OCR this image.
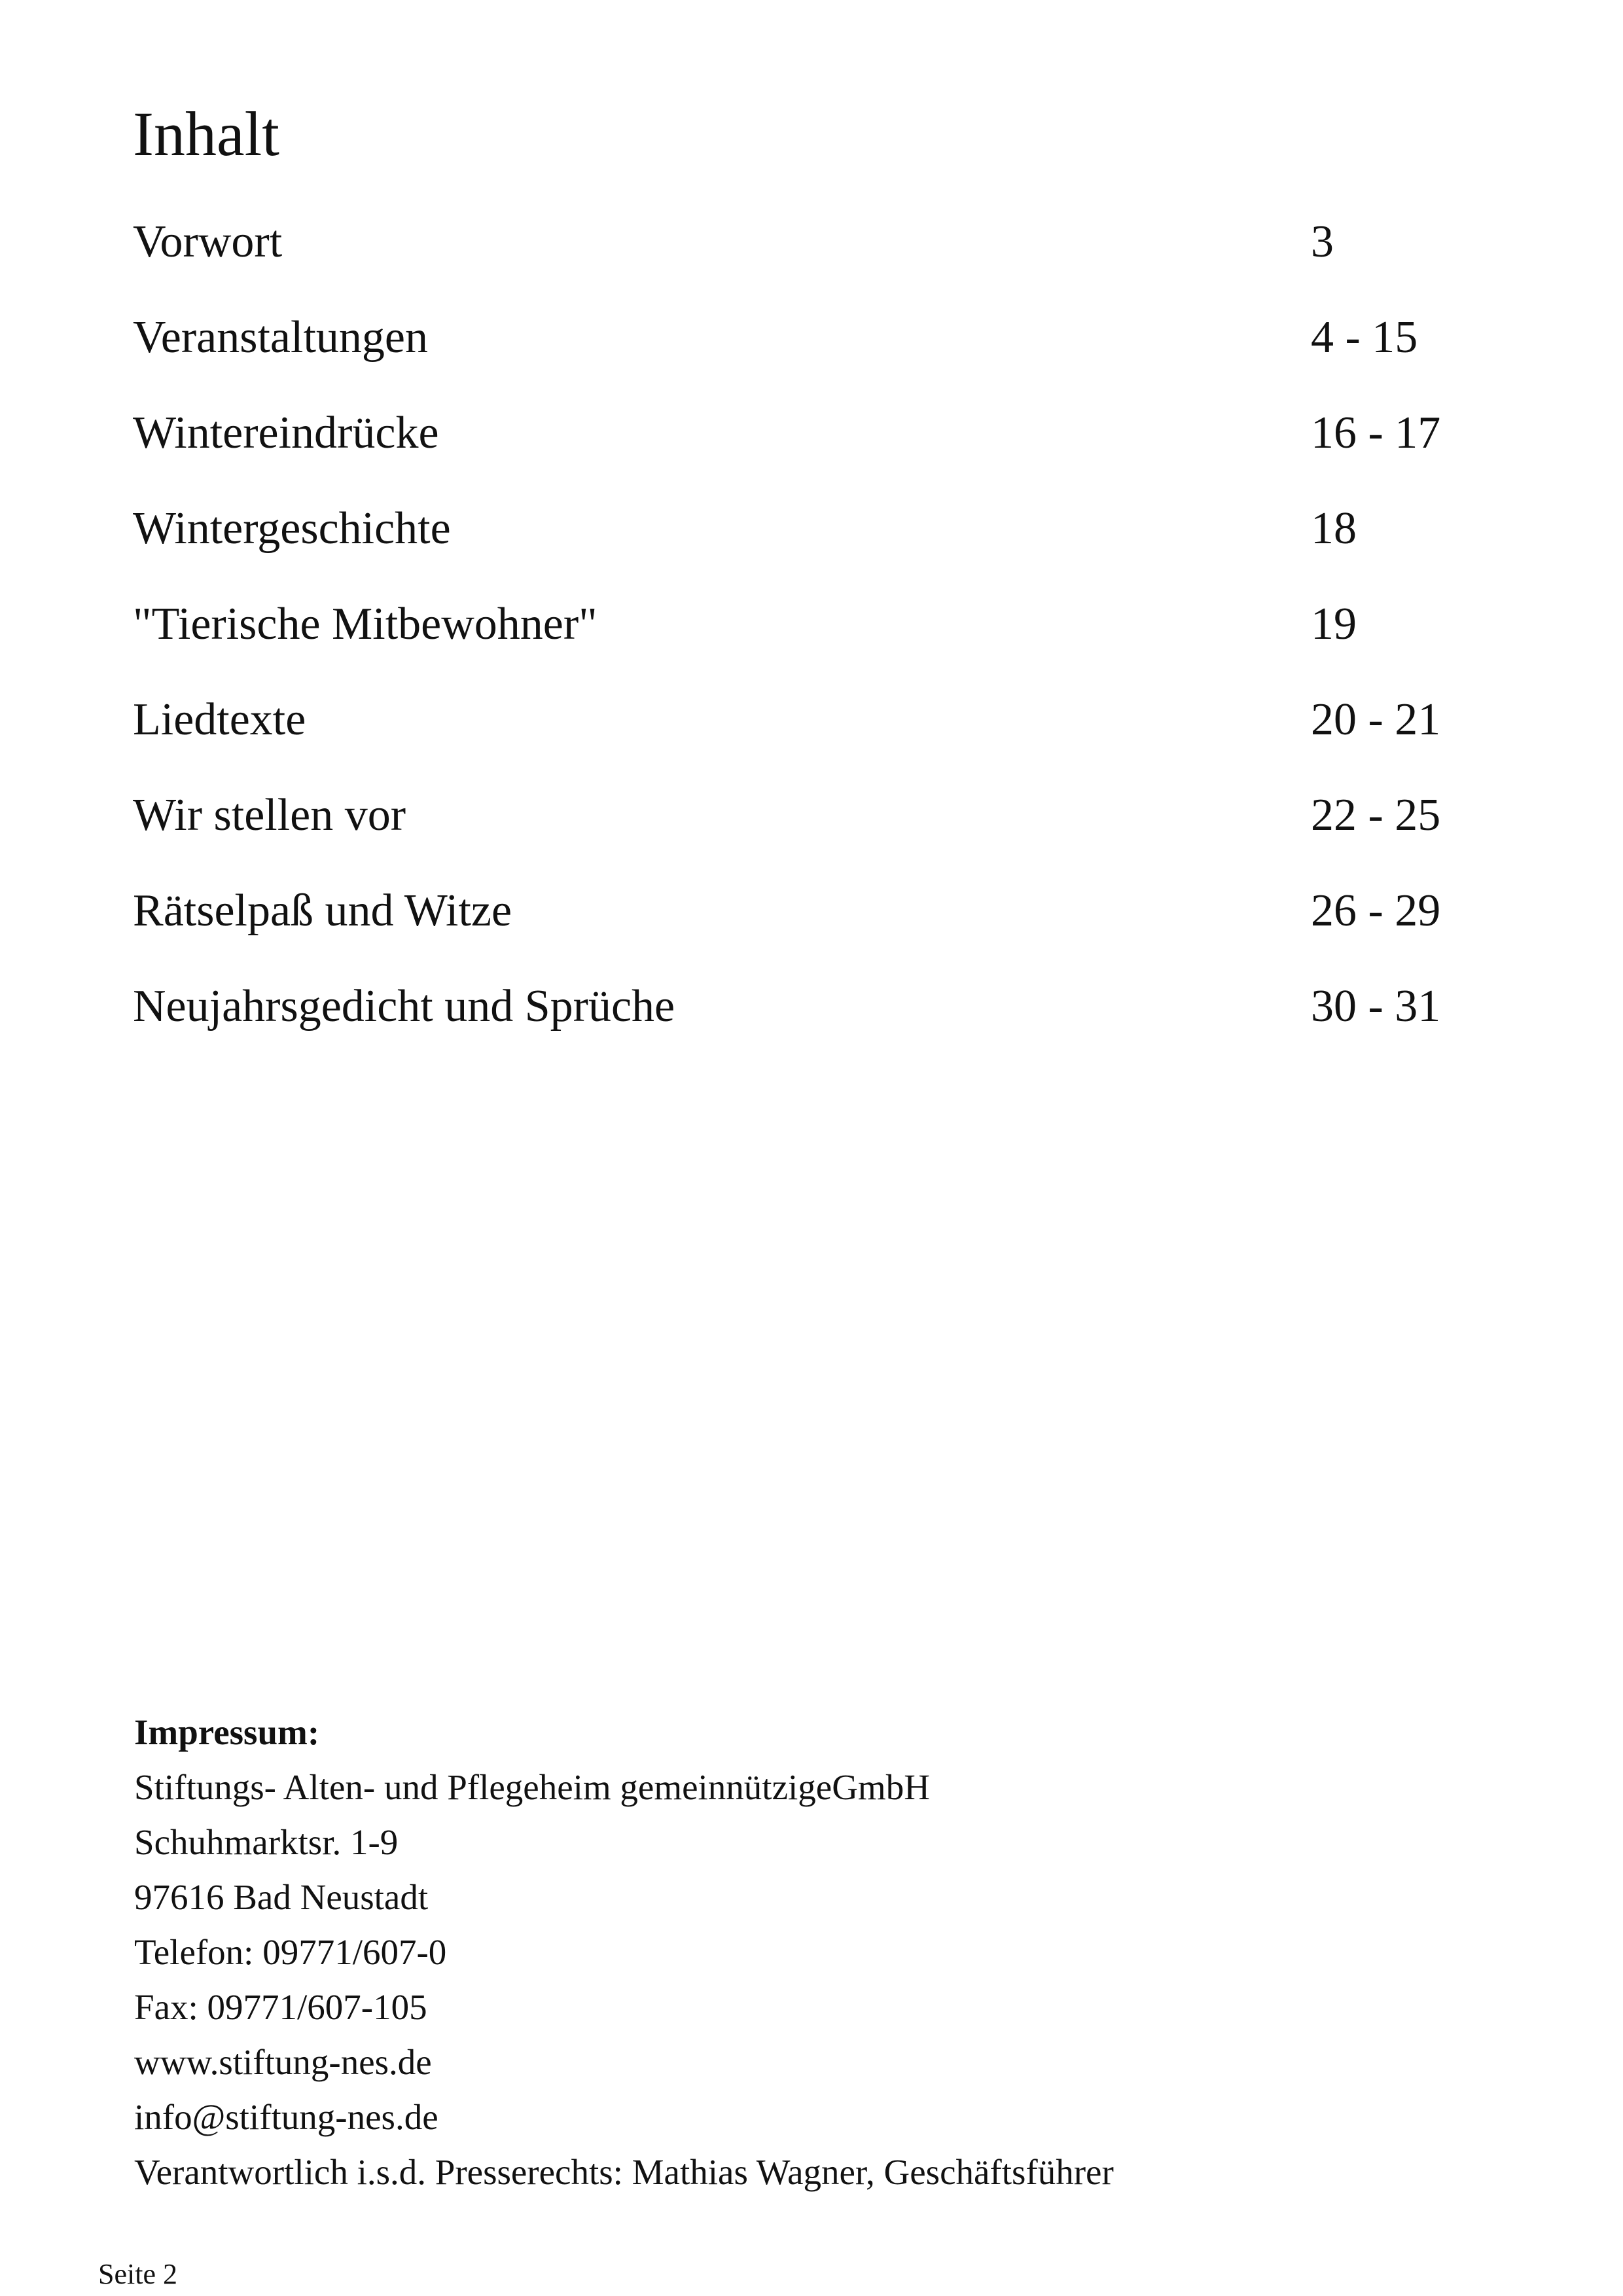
Inhalt
Vorwort	3
Veranstaltungen	4 - 15
Wintereindrücke	16 - 17
Wintergeschichte	18
"Tierische Mitbewohner"	19
Liedtexte	20 - 21
Wir stellen vor	22 - 25
Rätselpaß und Witze	26 - 29
Neujahrsgedicht und Sprüche	30 - 31
Impressum:
Stiftungs- Alten- und Pflegeheim gemeinnützigeGmbH
Schuhmarktsr. 1-9
97616 Bad Neustadt
Telefon: 09771/607-0
Fax: 09771/607-105
www.stiftung-nes.de
info@stiftung-nes.de
Verantwortlich i.s.d. Presserechts: Mathias Wagner, Geschäftsführer
Seite 2
